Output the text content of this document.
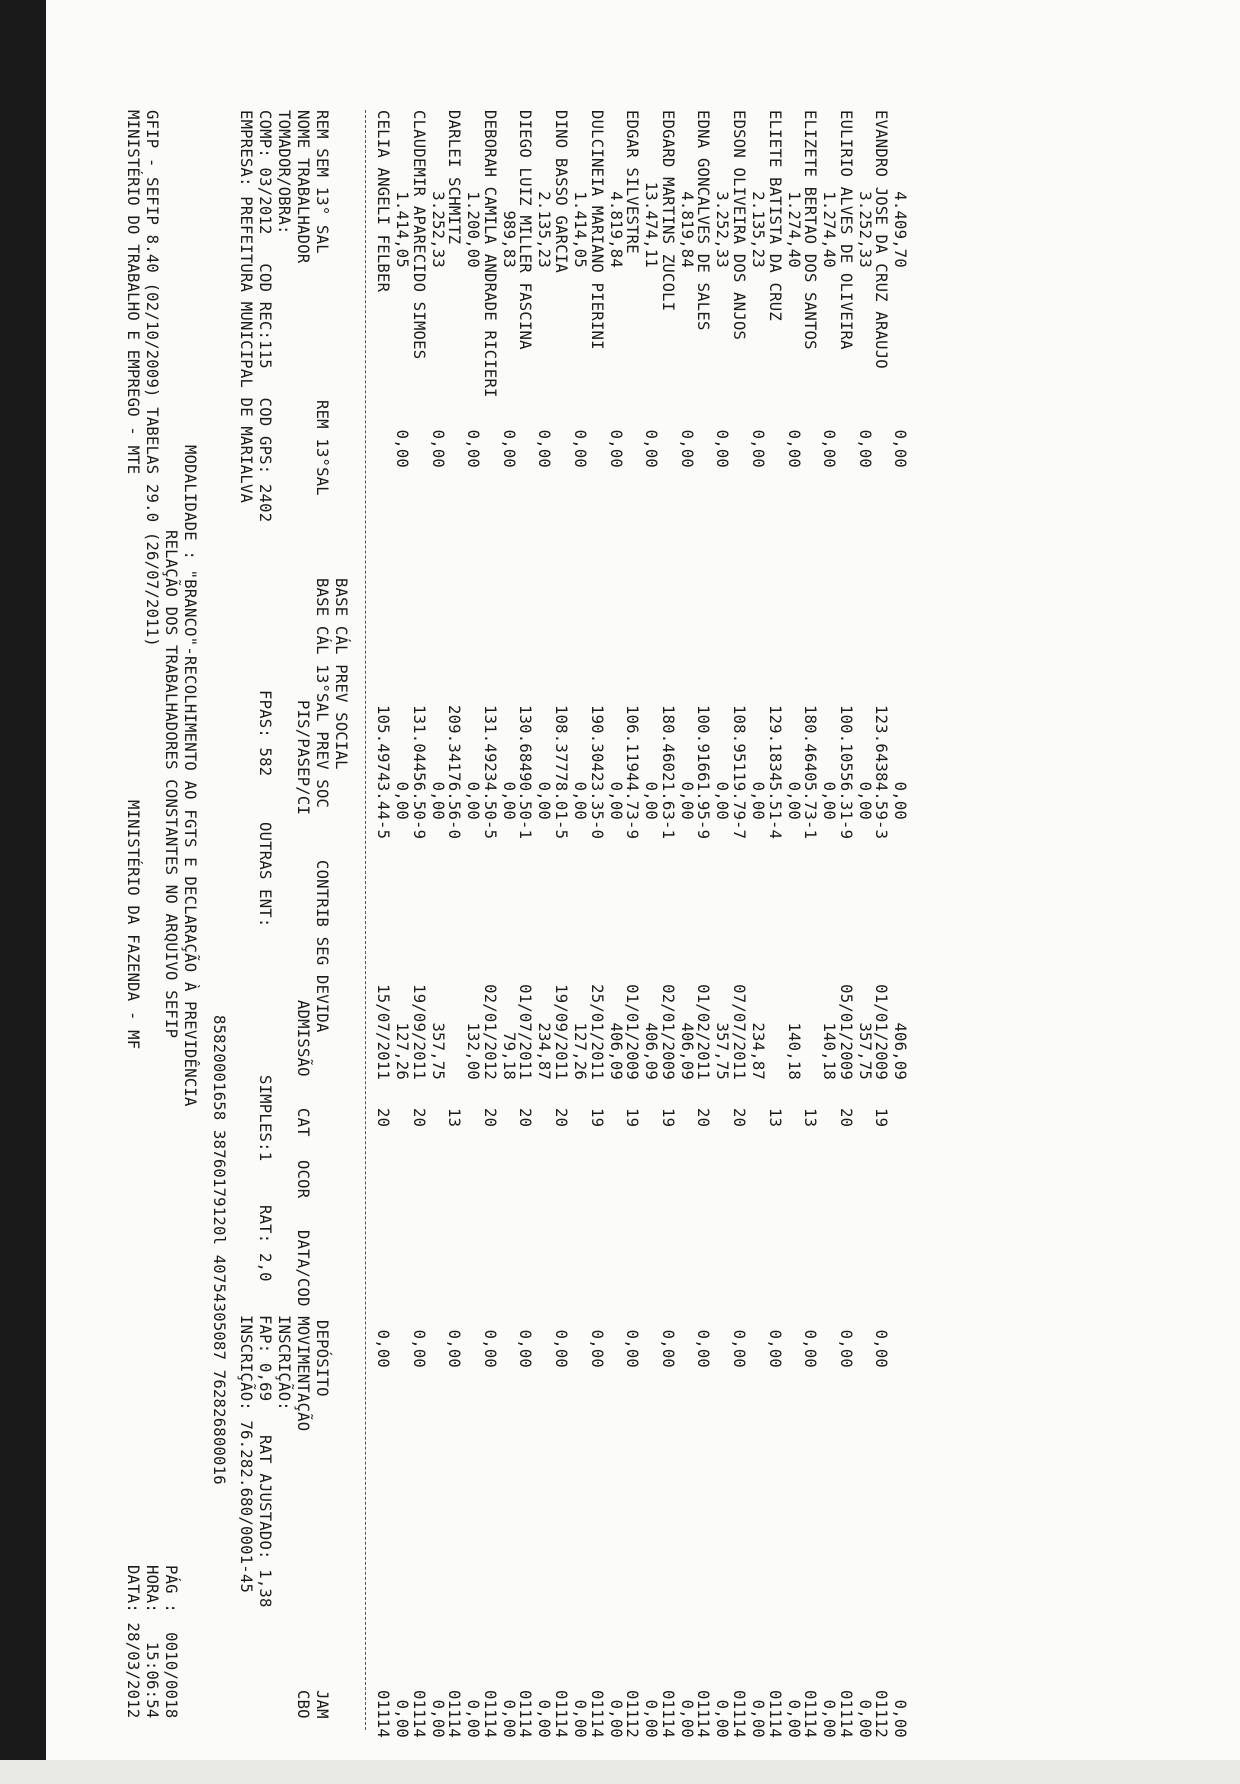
MINISTÉRIO DO TRABALHO E EMPREGO - MTE
MINISTÉRIO DA FAZENDA - MF
GFIP - SEFIP 8.40 (02/10/2009) TABELAS 29.0 (26/07/2011)
DATA: 28/03/2012 HORA:   15:06:54 PÁG :  0010/0018
RELAÇÃO DOS TRABALHADORES CONSTANTES NO ARQUIVO SEFIP MODALIDADE : "BRANCO"-RECOLHIMENTO AO FGTS E DECLARAÇÃO À PREVIDÊNCIA
85820001658 38760179120l 40754305087 762826800016
EMPRESA: PREFEITURA MUNICIPAL DE MARIALVA
INSCRIÇÃO: 76.282.680/0001-45
COMP: 03/2012   COD REC:115   COD GPS: 2402
FPAS: 582
OUTRAS ENT:
SIMPLES:1
RAT: 2,0
FAP: 0,69
RAT AJUSTADO: 1,38
TOMADOR/OBRA:
INSCRIÇÃO:
NOME TRABALHADOR
PIS/PASEP/CI
ADMISSÃO
CAT
OCOR
DATA/COD MOVIMENTAÇÃO
CBO
REM SEM 13° SAL
REM 13°SAL
BASE CÁL 13°SAL PREV SOC
CONTRIB SEG DEVIDA
DEPÓSITO
JAM
BASE CÁL PREV SOCIAL
CELIA ANGELI FELBER
105.49743.44-5
15/07/2011
20
0,00
01114
1.414,05
0,00
0,00
127,26
0,00
CLAUDEMIR APARECIDO SIMOES
131.04456.50-9
19/09/2011
20
0,00
01114
3.252,33
0,00
0,00
357,75
0,00
DARLEI SCHMITZ
209.34176.56-0
13
0,00
01114
1.200,00
0,00
0,00
132,00
0,00
DEBORAH CAMILA ANDRADE RICIERI
131.49234.50-5
02/01/2012
20
0,00
01114
989,83
0,00
0,00
79,18
0,00
DIEGO LUIZ MILLER FASCINA
130.68490.50-1
01/07/2011
20
0,00
01114
2.135,23
0,00
0,00
234,87
0,00
DINO BASSO GARCIA
108.37778.01-5
19/09/2011
20
0,00
01114
1.414,05
0,00
0,00
127,26
0,00
DULCINEIA MARIANO PIERINI
190.30423.35-0
25/01/2011
19
0,00
01114
4.819,84
0,00
0,00
406,09
0,00
EDGAR SILVESTRE
106.11944.73-9
01/01/2009
19
0,00
01112
13.474,11
0,00
0,00
406,09
0,00
EDGARD MARTINS ZUCOLI
180.46021.63-1
02/01/2009
19
0,00
01114
4.819,84
0,00
0,00
406,09
0,00
EDNA GONCALVES DE SALES
100.91661.95-9
01/02/2011
20
0,00
01114
3.252,33
0,00
0,00
357,75
0,00
EDSON OLIVEIRA DOS ANJOS
108.95119.79-7
07/07/2011
20
0,00
01114
2.135,23
0,00
0,00
234,87
0,00
ELIETE BATISTA DA CRUZ
129.18345.51-4
13
0,00
01114
1.274,40
0,00
0,00
140,18
0,00
ELIZETE BERTAO DOS SANTOS
180.46405.73-1
13
0,00
01114
1.274,40
0,00
0,00
140,18
0,00
EULIRIO ALVES DE OLIVEIRA
100.10556.31-9
05/01/2009
20
0,00
01114
3.252,33
0,00
0,00
357,75
0,00
EVANDRO JOSE DA CRUZ ARAUJO
123.64384.59-3
01/01/2009
19
0,00
01112
4.409,70
0,00
0,00
406,09
0,00
